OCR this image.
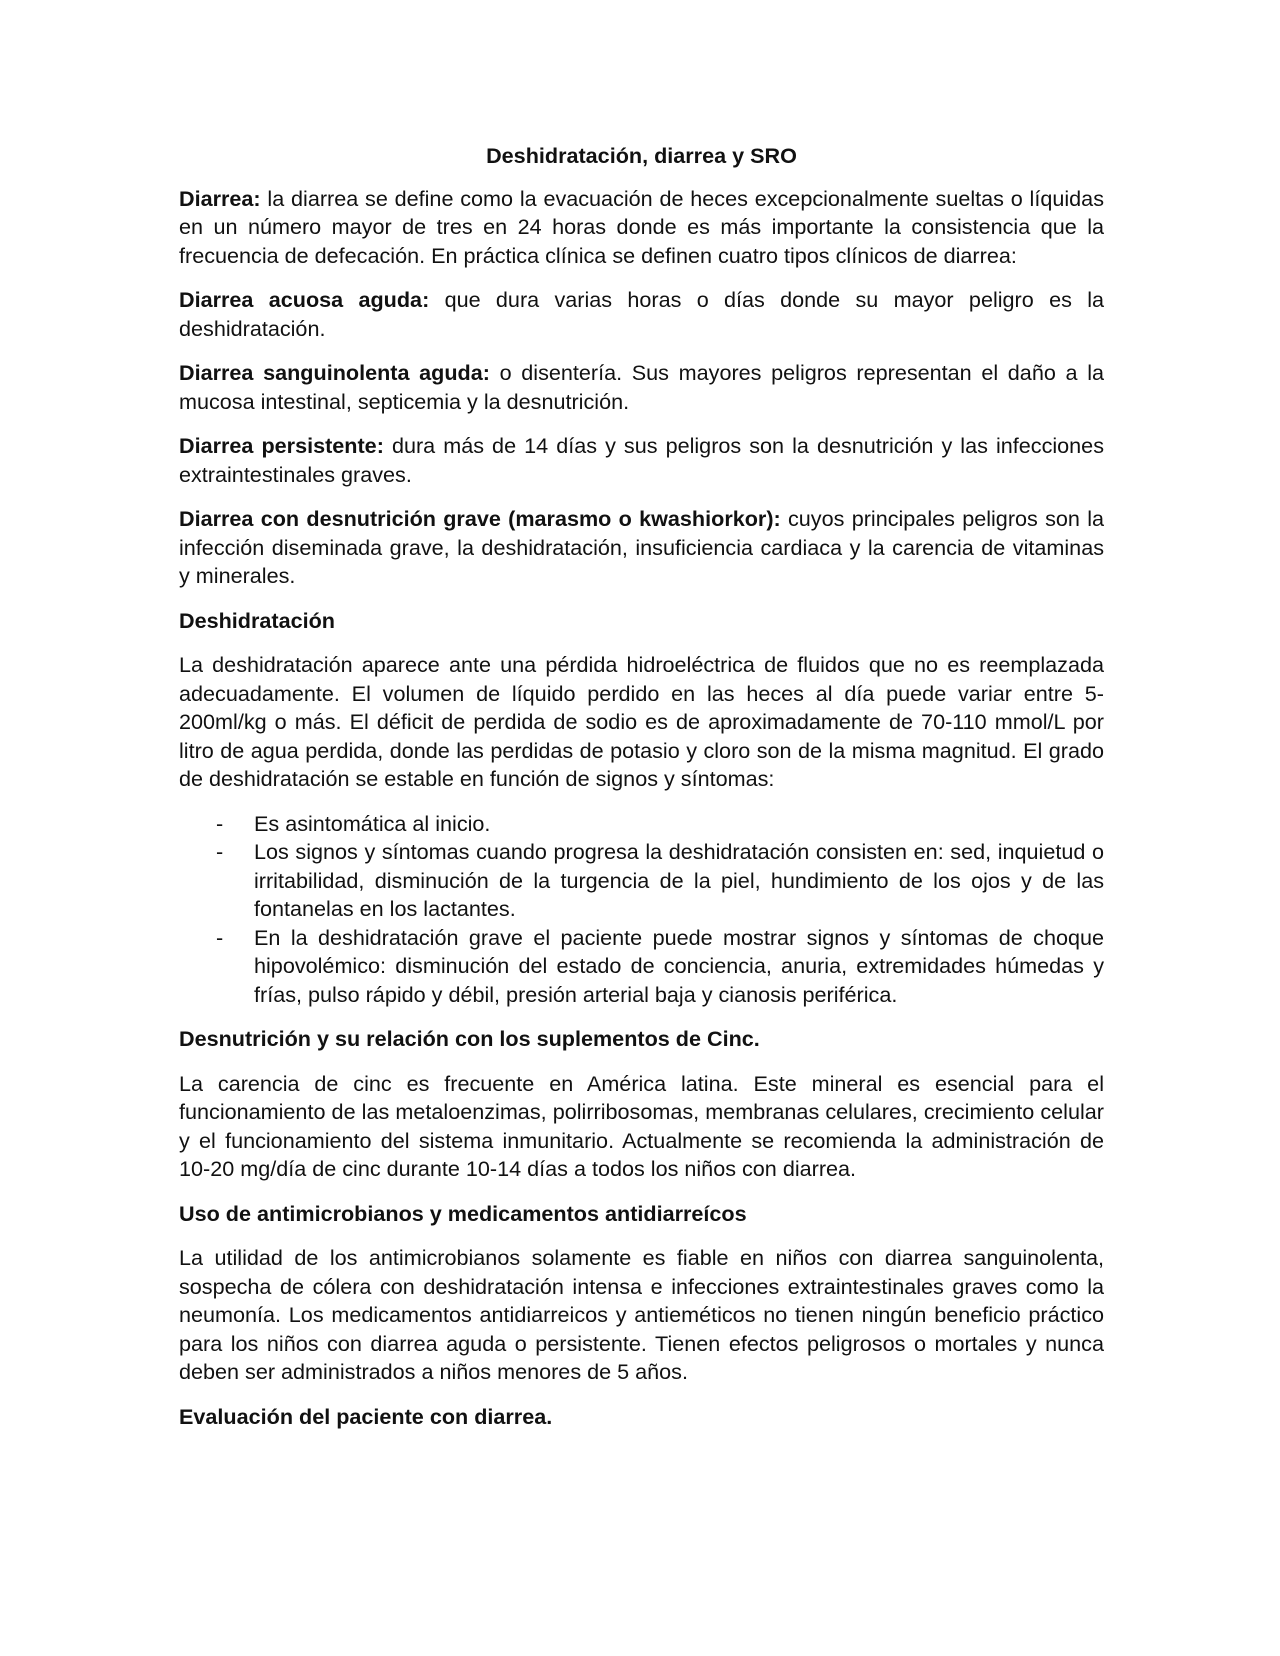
Deshidratación, diarrea y SRO

Diarrea: la diarrea se define como la evacuación de heces excepcionalmente sueltas o líquidas en un número mayor de tres en 24 horas donde es más importante la consistencia que la frecuencia de defecación. En práctica clínica se definen cuatro tipos clínicos de diarrea:

Diarrea acuosa aguda: que dura varias horas o días donde su mayor peligro es la deshidratación.

Diarrea sanguinolenta aguda: o disentería. Sus mayores peligros representan el daño a la mucosa intestinal, septicemia y la desnutrición.

Diarrea persistente: dura más de 14 días y sus peligros son la desnutrición y las infecciones extraintestinales graves.

Diarrea con desnutrición grave (marasmo o kwashiorkor): cuyos principales peligros son la infección diseminada grave, la deshidratación, insuficiencia cardiaca y la carencia de vitaminas y minerales.

Deshidratación

La deshidratación aparece ante una pérdida hidroeléctrica de fluidos que no es reemplazada adecuadamente. El volumen de líquido perdido en las heces al día puede variar entre 5-200ml/kg o más. El déficit de perdida de sodio es de aproximadamente de 70-110 mmol/L por litro de agua perdida, donde las perdidas de potasio y cloro son de la misma magnitud. El grado de deshidratación se estable en función de signos y síntomas:

- Es asintomática al inicio.
- Los signos y síntomas cuando progresa la deshidratación consisten en: sed, inquietud o irritabilidad, disminución de la turgencia de la piel, hundimiento de los ojos y de las fontanelas en los lactantes.
- En la deshidratación grave el paciente puede mostrar signos y síntomas de choque hipovolémico: disminución del estado de conciencia, anuria, extremidades húmedas y frías, pulso rápido y débil, presión arterial baja y cianosis periférica.
Desnutrición y su relación con los suplementos de Cinc.

La carencia de cinc es frecuente en América latina. Este mineral es esencial para el funcionamiento de las metaloenzimas, polirribosomas, membranas celulares, crecimiento celular y el funcionamiento del sistema inmunitario. Actualmente se recomienda la administración de 10-20 mg/día de cinc durante 10-14 días a todos los niños con diarrea.

Uso de antimicrobianos y medicamentos antidiarreícos

La utilidad de los antimicrobianos solamente es fiable en niños con diarrea sanguinolenta, sospecha de cólera con deshidratación intensa e infecciones extraintestinales graves como la neumonía. Los medicamentos antidiarreicos y antieméticos no tienen ningún beneficio práctico para los niños con diarrea aguda o persistente. Tienen efectos peligrosos o mortales y nunca deben ser administrados a niños menores de 5 años.

Evaluación del paciente con diarrea.
